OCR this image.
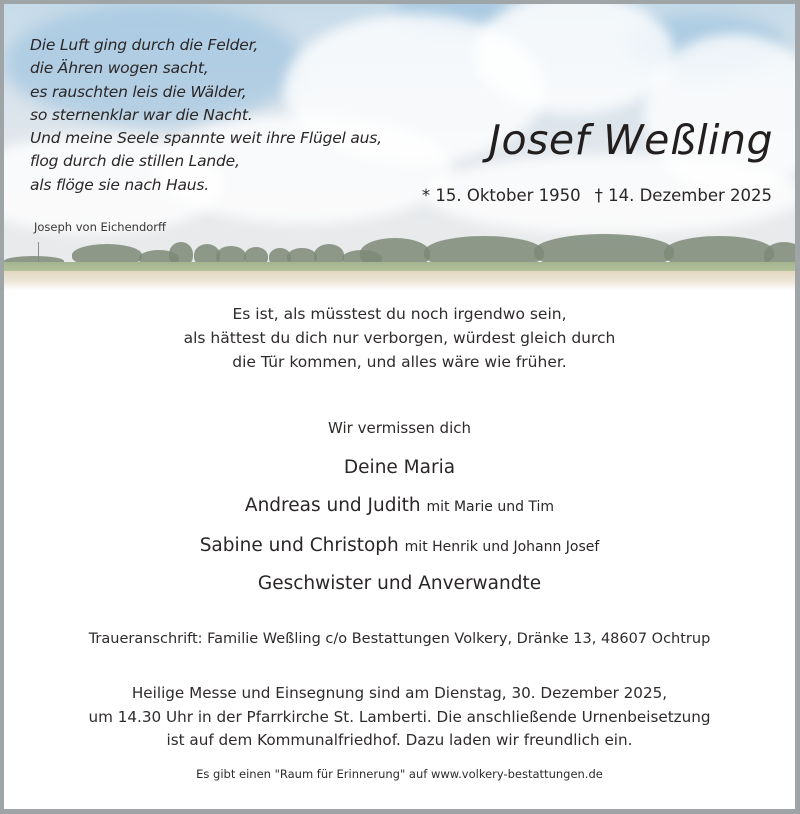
Die Luft ging durch die Felder,
die Ähren wogen sacht,
es rauschten leis die Wälder,
so sternenklar war die Nacht.
Und meine Seele spannte weit ihre Flügel aus,
flog durch die stillen Lande,
als flöge sie nach Haus.
Joseph von Eichendorff
Josef Weßling
* 15. Oktober 1950 † 14. Dezember 2025
Es ist, als müsstest du noch irgendwo sein,
als hättest du dich nur verborgen, würdest gleich durch
die Tür kommen, und alles wäre wie früher.
Wir vermissen dich
Deine Maria
Andreas und Judith mit Marie und Tim
Sabine und Christoph mit Henrik und Johann Josef
Geschwister und Anverwandte
Traueranschrift: Familie Weßling c/o Bestattungen Volkery, Dränke 13, 48607 Ochtrup
Heilige Messe und Einsegnung sind am Dienstag, 30. Dezember 2025,
um 14.30 Uhr in der Pfarrkirche St. Lamberti. Die anschließende Urnenbeisetzung
ist auf dem Kommunalfriedhof. Dazu laden wir freundlich ein.
Es gibt einen "Raum für Erinnerung" auf www.volkery-bestattungen.de
